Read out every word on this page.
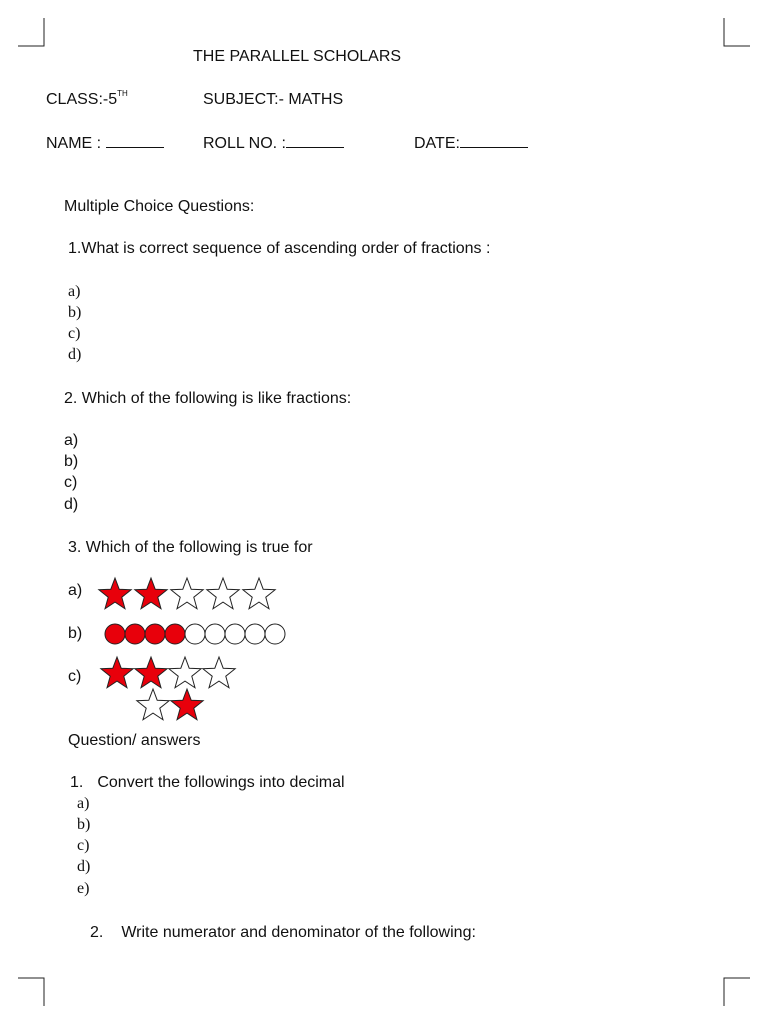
THE PARALLEL SCHOLARS
CLASS:-5TH	SUBJECT:- MATHS
NAME :	ROLL NO. :	DATE:
Multiple Choice Questions:
1.What is correct sequence of ascending order of fractions :
a)
b)
c)
d)
2. Which of the following is like fractions:
a)
b)
c)
d)
3. Which of the following is true for
a)
b)
c)
Question/ answers
1. Convert the followings into decimal
a)
b)
c)
d)
e)
2. Write numerator and denominator of the following:
